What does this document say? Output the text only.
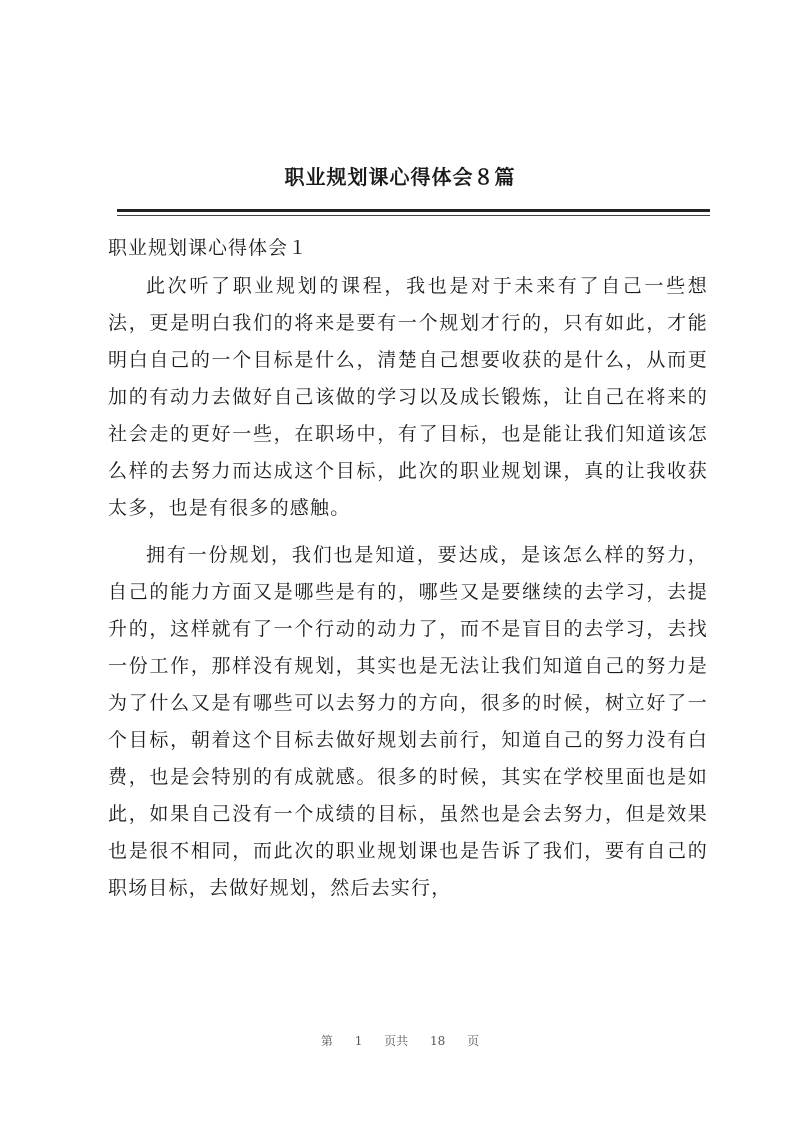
职业规划课心得体会８篇
职业规划课心得体会１

此次听了职业规划的课程，我也是对于未来有了自己一些想法，更是明白我们的将来是要有一个规划才行的，只有如此，才能明白自己的一个目标是什么，清楚自己想要收获的是什么，从而更加的有动力去做好自己该做的学习以及成长锻炼，让自己在将来的社会走的更好一些，在职场中，有了目标，也是能让我们知道该怎么样的去努力而达成这个目标，此次的职业规划课，真的让我收获太多，也是有很多的感触。

拥有一份规划，我们也是知道，要达成，是该怎么样的努力，自己的能力方面又是哪些是有的，哪些又是要继续的去学习，去提升的，这样就有了一个行动的动力了，而不是盲目的去学习，去找一份工作，那样没有规划，其实也是无法让我们知道自己的努力是为了什么又是有哪些可以去努力的方向，很多的时候，树立好了一个目标，朝着这个目标去做好规划去前行，知道自己的努力没有白费，也是会特别的有成就感。很多的时候，其实在学校里面也是如此，如果自己没有一个成绩的目标，虽然也是会去努力，但是效果也是很不相同，而此次的职业规划课也是告诉了我们，要有自己的职场目标，去做好规划，然后去实行，

第 1 页共 18 页
